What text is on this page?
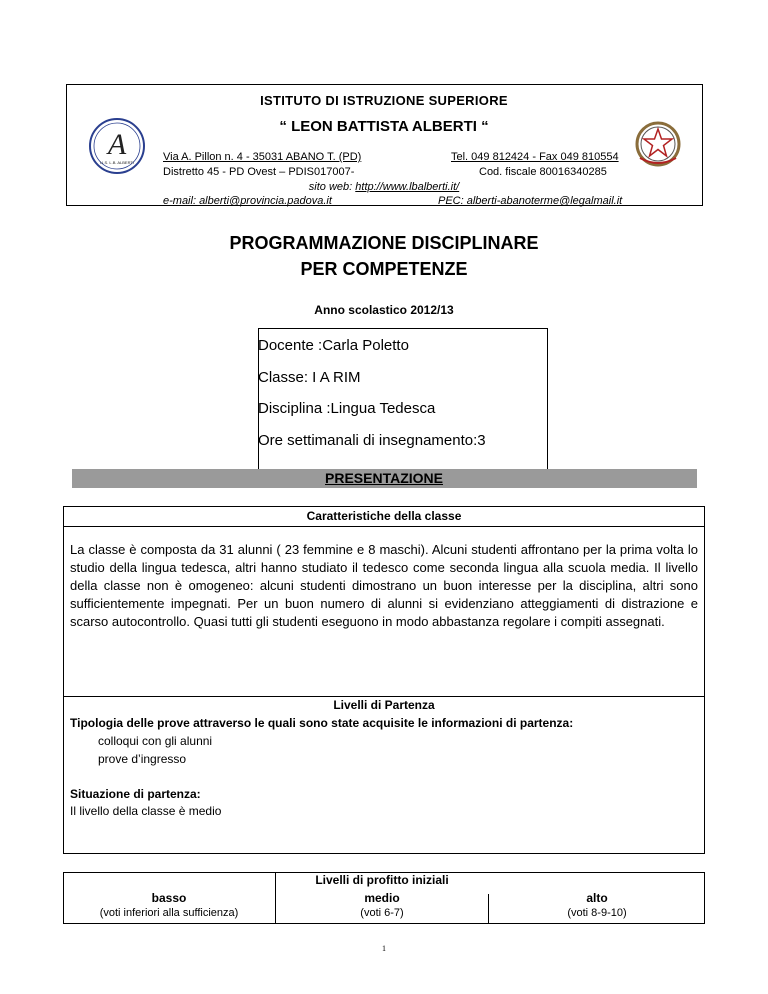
A
I.I.S. L.B. ALBERTI
ISTITUTO DI ISTRUZIONE SUPERIORE
“ LEON BATTISTA ALBERTI “
Via A. Pillon n. 4 - 35031 ABANO T. (PD)	Tel. 049 812424 - Fax 049 810554
Distretto 45 - PD Ovest – PDIS017007-	Cod. fiscale 80016340285
sito web: http://www.lbalberti.it/
e-mail: alberti@provincia.padova.it	PEC: alberti-abanoterme@legalmail.it
PROGRAMMAZIONE DISCIPLINARE
PER COMPETENZE
Anno scolastico 2012/13
Docente :Carla Poletto
Classe: I A RIM
Disciplina :Lingua Tedesca
Ore settimanali di insegnamento:3
PRESENTAZIONE
Caratteristiche della classe
La classe è composta da 31 alunni ( 23 femmine e 8 maschi). Alcuni studenti affrontano per la prima volta lo studio della lingua tedesca, altri hanno studiato il tedesco come seconda lingua alla scuola media. Il livello della classe non è omogeneo: alcuni studenti dimostrano un buon interesse per la disciplina, altri sono sufficientemente impegnati. Per un buon numero di alunni si evidenziano atteggiamenti di distrazione e scarso autocontrollo. Quasi tutti gli studenti eseguono in modo abbastanza regolare i compiti assegnati.
Livelli di Partenza
Tipologia delle prove attraverso le quali sono state acquisite le informazioni di partenza:
colloqui con gli alunni
prove d’ingresso
Situazione di partenza:
Il livello della classe è medio
Livelli di profitto iniziali
basso
(voti inferiori alla sufficienza)
medio
(voti 6-7)
alto
(voti 8-9-10)
1
